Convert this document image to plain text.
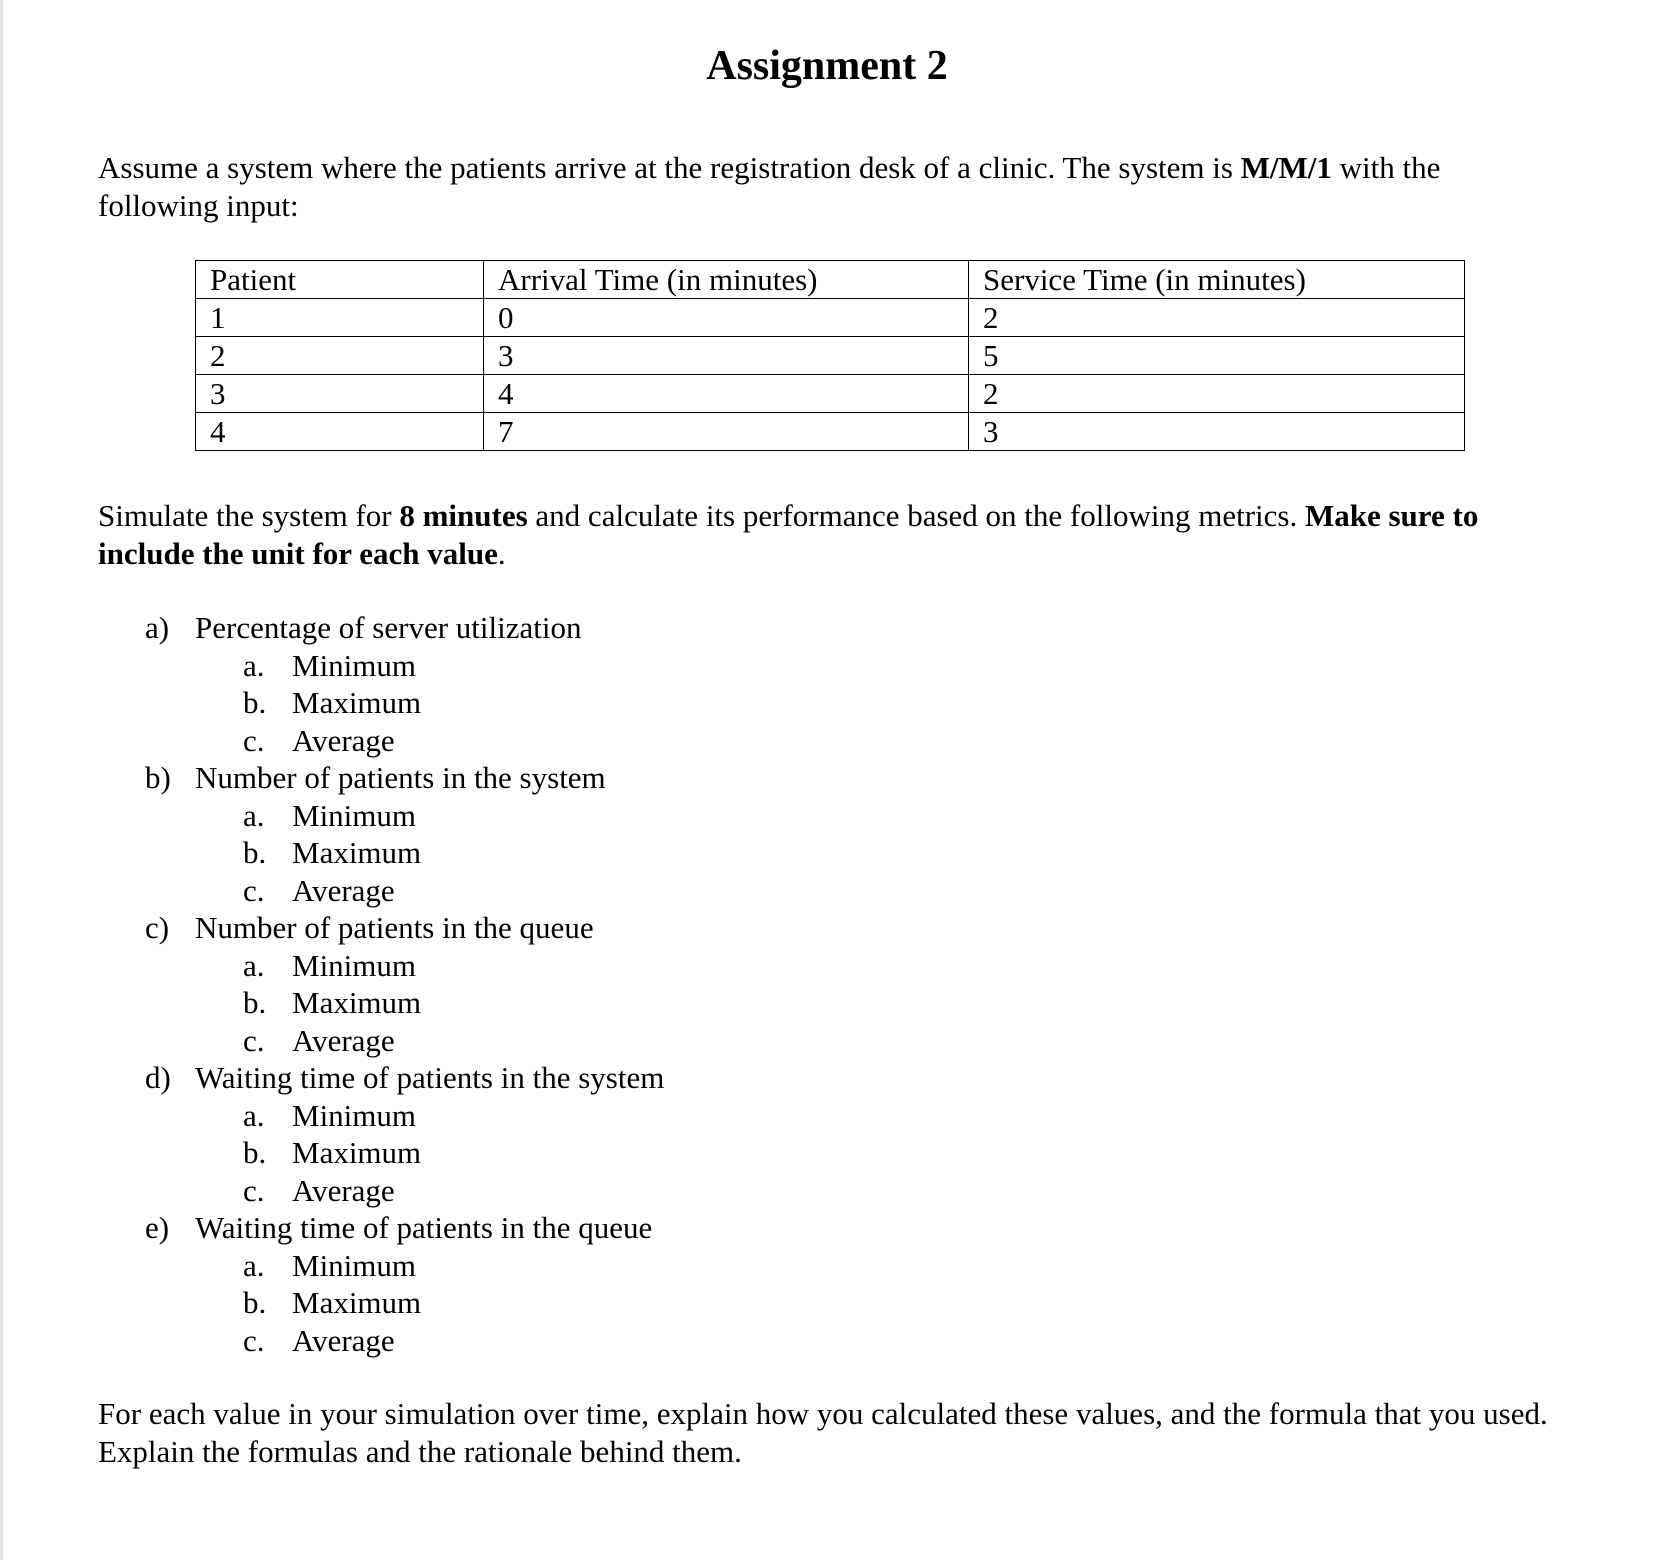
Assignment 2

Assume a system where the patients arrive at the registration desk of a clinic. The system is M/M/1 with the following input:

Patient	Arrival Time (in minutes)	Service Time (in minutes)
1	0	2
2	3	5
3	4	2
4	7	3

Simulate the system for 8 minutes and calculate its performance based on the following metrics. Make sure to include the unit for each value.

a) Percentage of server utilization
a. Minimum
b. Maximum
c. Average
b) Number of patients in the system
a. Minimum
b. Maximum
c. Average
c) Number of patients in the queue
a. Minimum
b. Maximum
c. Average
d) Waiting time of patients in the system
a. Minimum
b. Maximum
c. Average
e) Waiting time of patients in the queue
a. Minimum
b. Maximum
c. Average

For each value in your simulation over time, explain how you calculated these values, and the formula that you used. Explain the formulas and the rationale behind them.
